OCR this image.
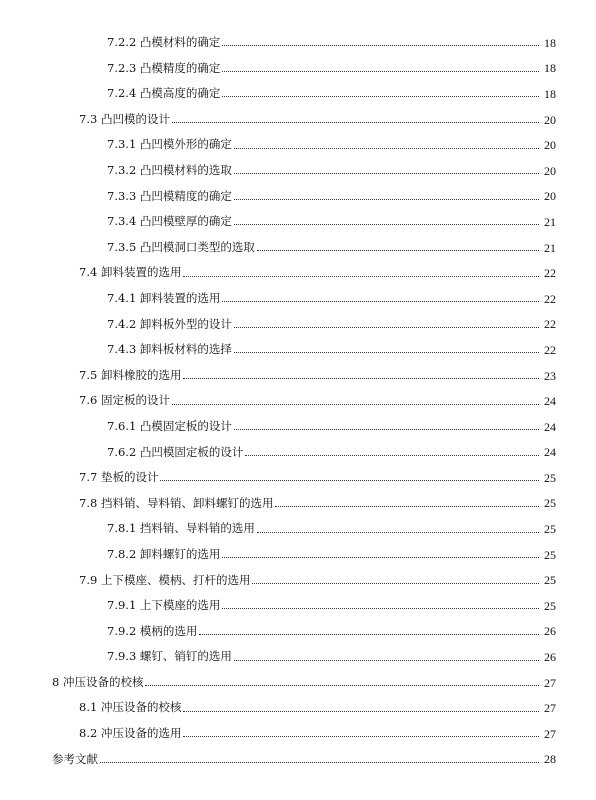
7.2.2 凸模材料的确定	18
7.2.3 凸模精度的确定	18
7.2.4 凸模高度的确定	18
7.3 凸凹模的设计	20
7.3.1 凸凹模外形的确定	20
7.3.2 凸凹模材料的选取	20
7.3.3 凸凹模精度的确定	20
7.3.4 凸凹模壁厚的确定	21
7.3.5 凸凹模洞口类型的选取	21
7.4 卸料装置的选用	22
7.4.1 卸料装置的选用	22
7.4.2 卸料板外型的设计	22
7.4.3 卸料板材料的选择	22
7.5 卸料橡胶的选用	23
7.6 固定板的设计	24
7.6.1 凸模固定板的设计	24
7.6.2 凸凹模固定板的设计	24
7.7 垫板的设计	25
7.8 挡料销、导料销、卸料螺钉的选用	25
7.8.1 挡料销、导料销的选用	25
7.8.2 卸料螺钉的选用	25
7.9 上下模座、模柄、打杆的选用	25
7.9.1 上下模座的选用	25
7.9.2 模柄的选用	26
7.9.3 螺钉、销钉的选用	26
8 冲压设备的校核	27
8.1 冲压设备的校核	27
8.2 冲压设备的选用	27
参考文献	28
